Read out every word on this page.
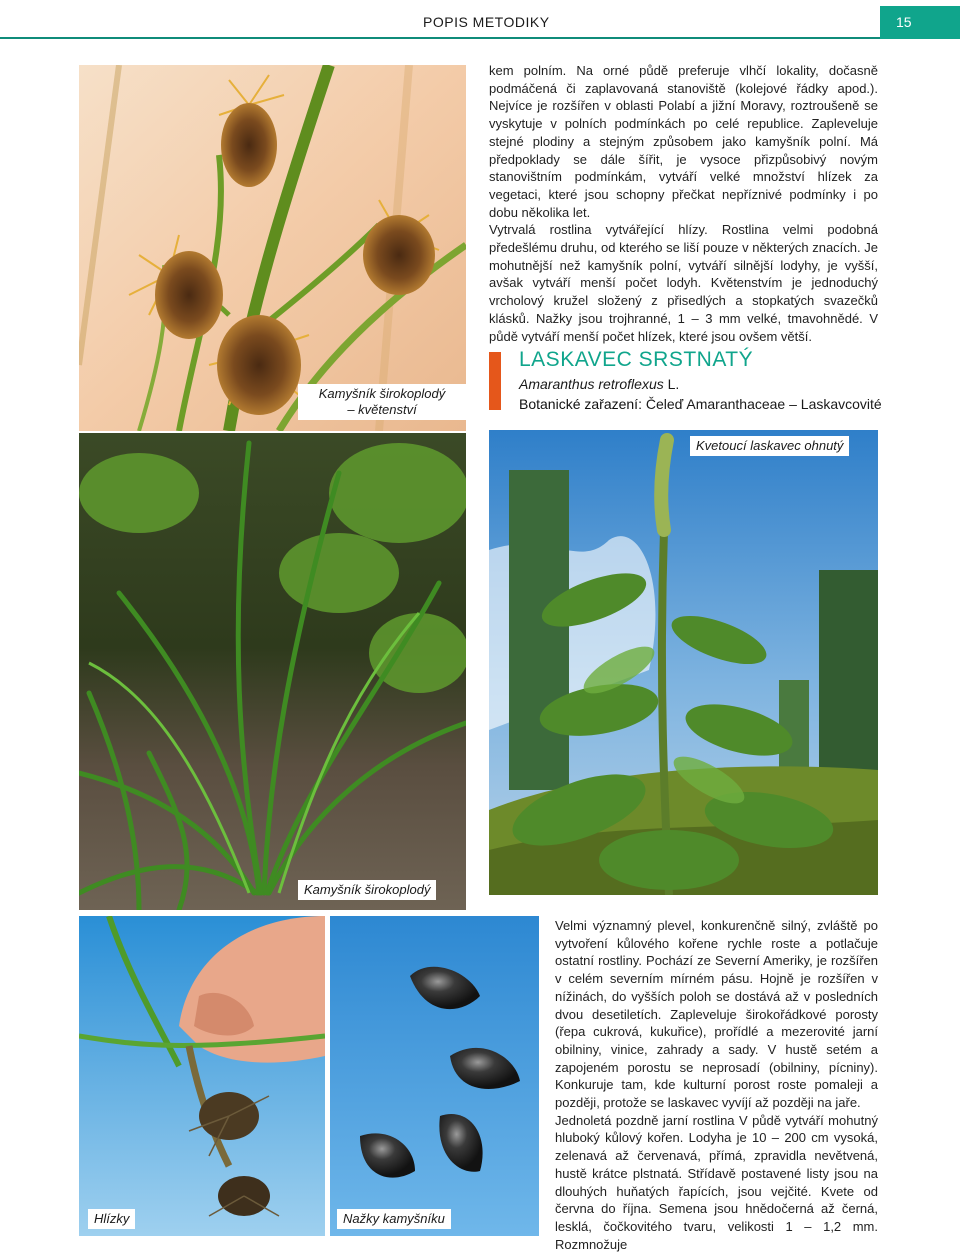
POPIS METODIKY	15
Kamyšník širokoplodý
– květenství

kem polním. Na orné půdě preferuje vlhčí lokality, dočasně podmáčená či zaplavovaná stanoviště (kolejové řádky apod.). Nejvíce je rozšířen v oblasti Polabí a jižní Moravy, roztroušeně se vyskytuje v polních podmínkách po celé republice. Zapleveluje stejné plodiny a stejným způsobem jako kamyšník polní. Má předpoklady se dále šířit, je vysoce přizpůsobivý novým stanovištním podmínkám, vytváří velké množství hlízek za vegetaci, které jsou schopny přečkat nepříznivé podmínky i po dobu několika let.

Vytrvalá rostlina vytvářející hlízy. Rostlina velmi podobná předešlému druhu, od kterého se liší pouze v některých znacích. Je mohutnější než kamyšník polní, vytváří silnější lodyhy, je vyšší, avšak vytváří menší počet lodyh. Květenstvím je jednoduchý vrcholový kružel složený z přisedlých a stopkatých svazečků klásků. Nažky jsou trojhranné, 1 – 3 mm velké, tmavohnědé. V půdě vytváří menší počet hlízek, které jsou ovšem větší.

LASKAVEC SRSTNATÝ
Amaranthus retroflexus L.
Botanické zařazení: Čeleď Amaranthaceae – Laskavcovité
Kamyšník širokoplodý
Kvetoucí laskavec ohnutý
Hlízky	Nažky kamyšníku

Velmi významný plevel, konkurenčně silný, zvláště po vytvoření kůlového kořene rychle roste a potlačuje ostatní rostliny. Pochází ze Severní Ameriky, je rozšířen v celém severním mírném pásu. Hojně je rozšířen v nížinách, do vyšších poloh se dostává až v posledních dvou desetiletích. Zapleveluje širokořádkové porosty (řepa cukrová, kukuřice), prořídlé a mezerovité jarní obilniny, vinice, zahrady a sady. V hustě setém a zapojeném porostu se neprosadí (obilniny, pícniny). Konkuruje tam, kde kulturní porost roste pomaleji a později, protože se laskavec vyvíjí až později na jaře.

Jednoletá pozdně jarní rostlina V půdě vytváří mohutný hluboký kůlový kořen. Lodyha je 10 – 200 cm vysoká, zelenavá až červenavá, přímá, zpravidla nevětvená, hustě krátce plstnatá. Střídavě postavené listy jsou na dlouhých huňatých řapících, jsou vejčité. Kvete od června do října. Semena jsou hnědočerná až černá, lesklá, čočkovitého tvaru, velikosti 1 – 1,2 mm. Rozmnožuje
